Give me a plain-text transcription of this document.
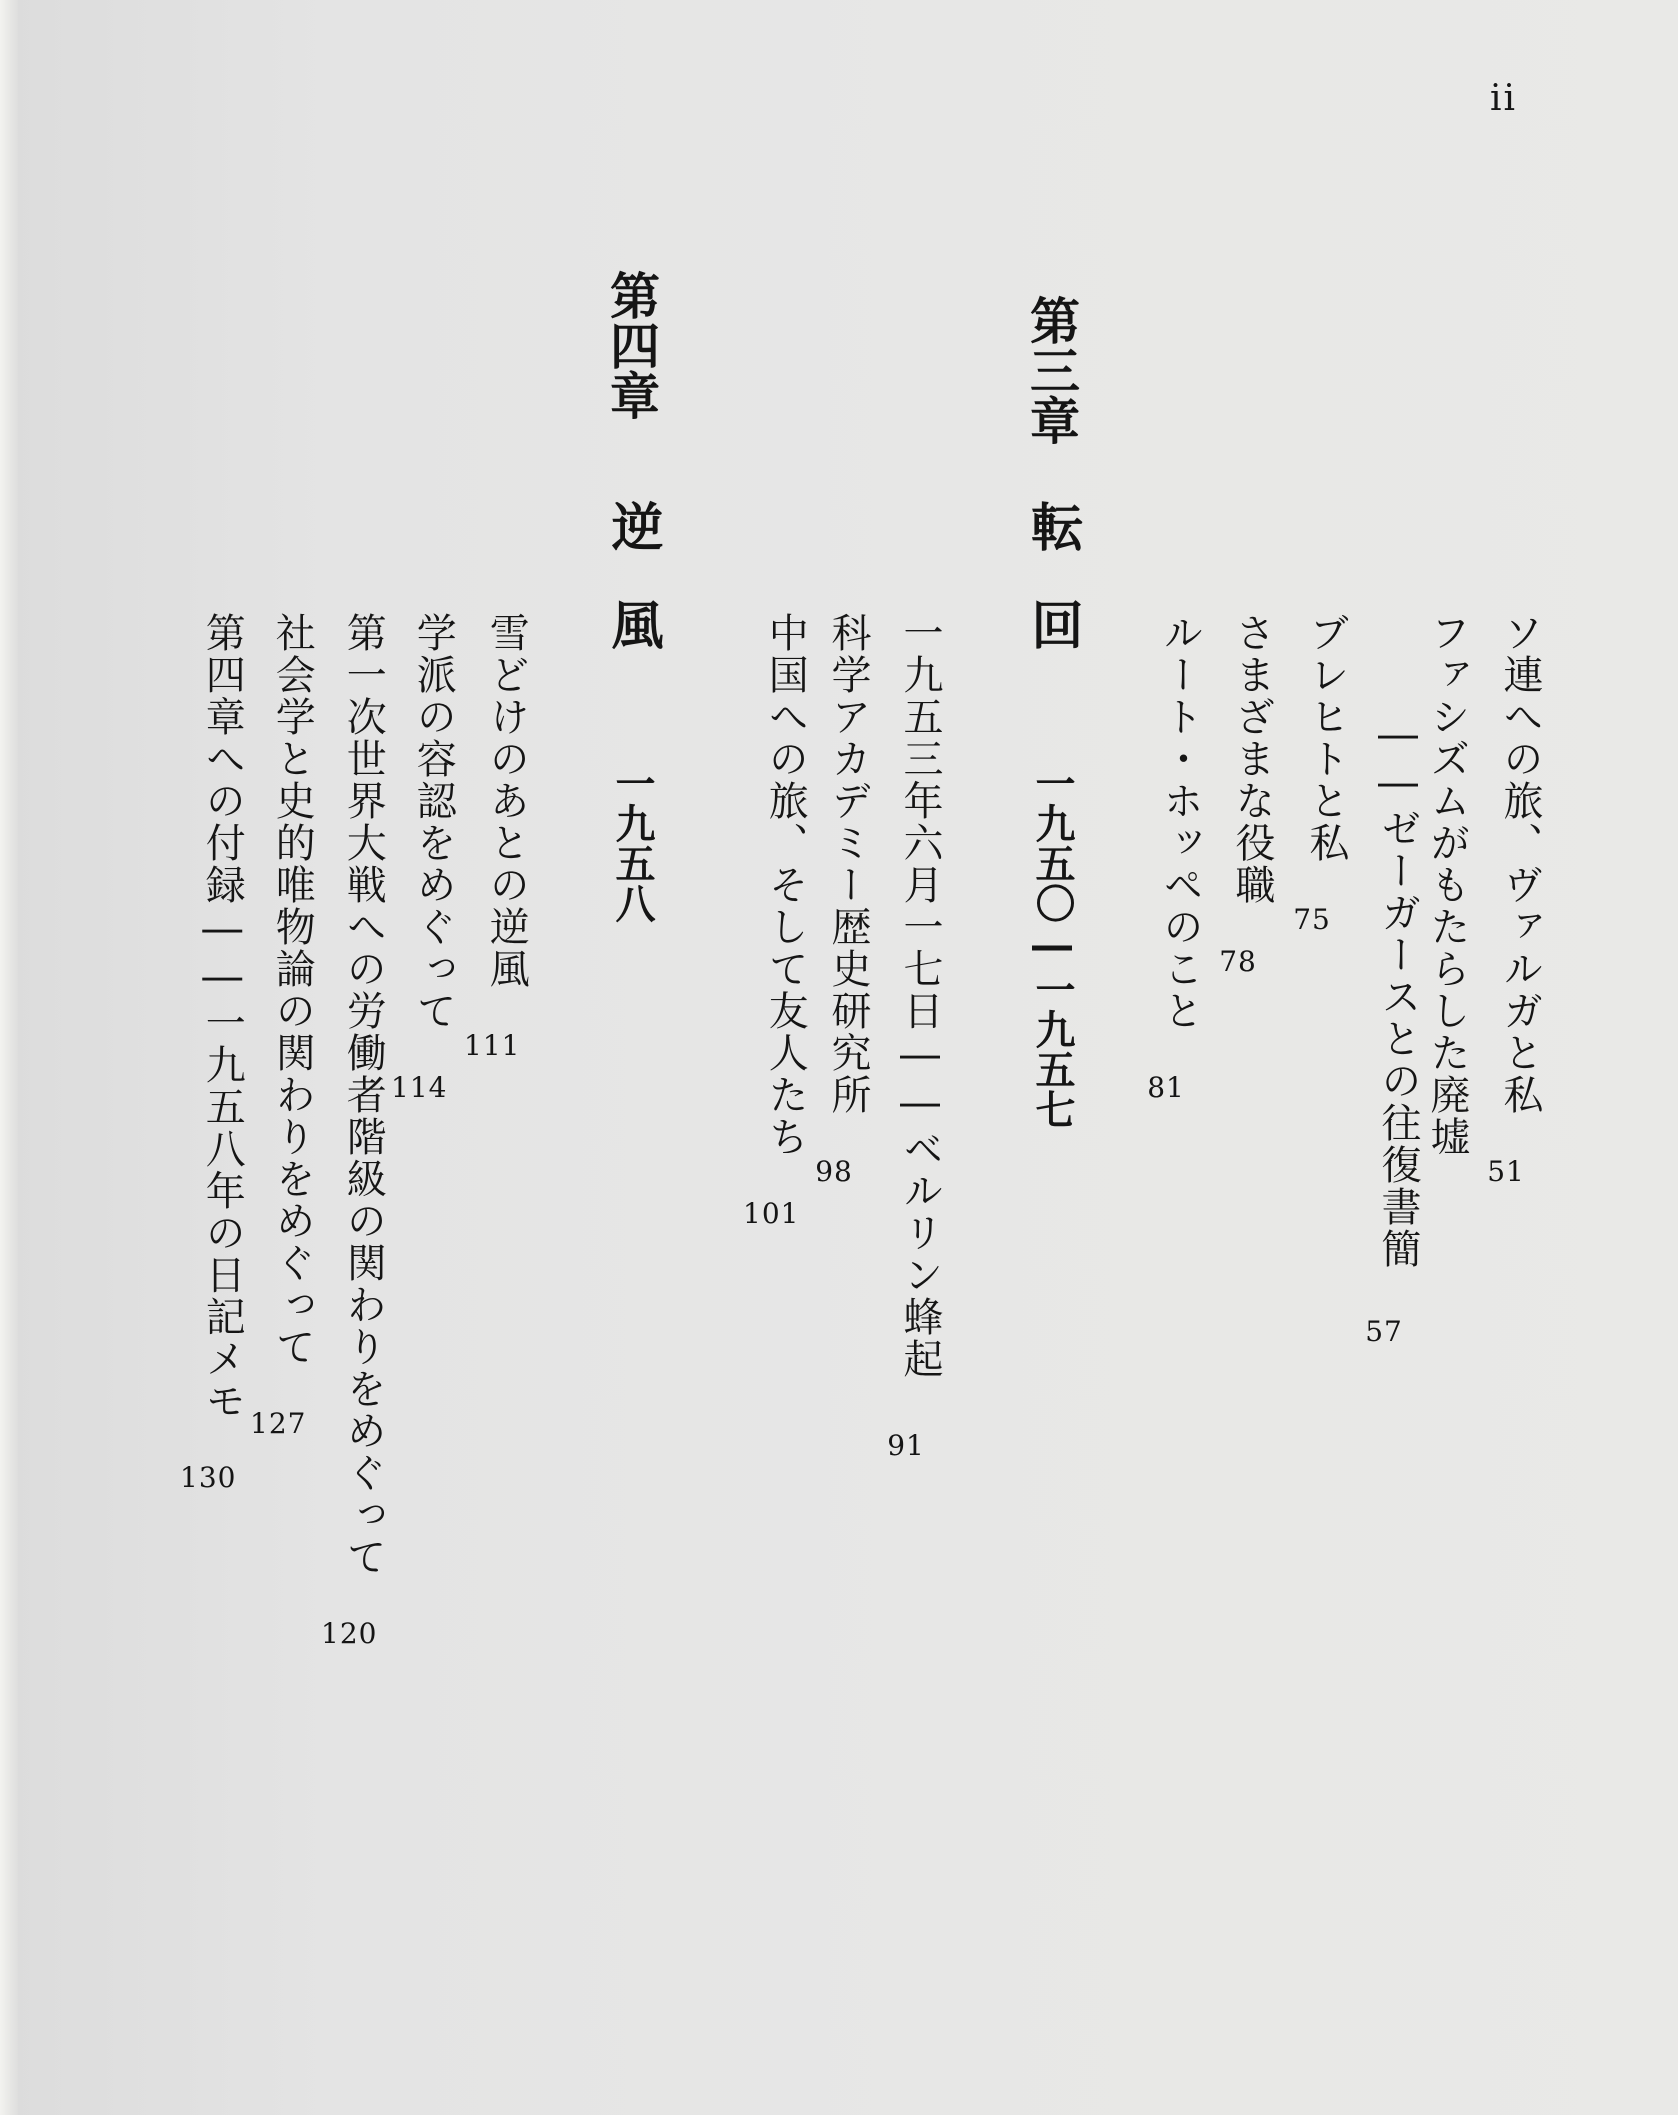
ii
ソ連への旅、ヴァルガと私51
ファシズムがもたらした廃墟
――ゼーガースとの往復書簡57
ブレヒトと私75
さまざまな役職78
ルート・ホッペのこと81
第三章
転回
一九五〇―一九五七
一九五三年六月一七日――ベルリン蜂起91
科学アカデミー歴史研究所98
中国への旅、そして友人たち101
第四章
逆風
一九五八
雪どけのあとの逆風111
学派の容認をめぐって114
第一次世界大戦への労働者階級の関わりをめぐって120
社会学と史的唯物論の関わりをめぐって127
第四章への付録――一九五八年の日記メモ130
